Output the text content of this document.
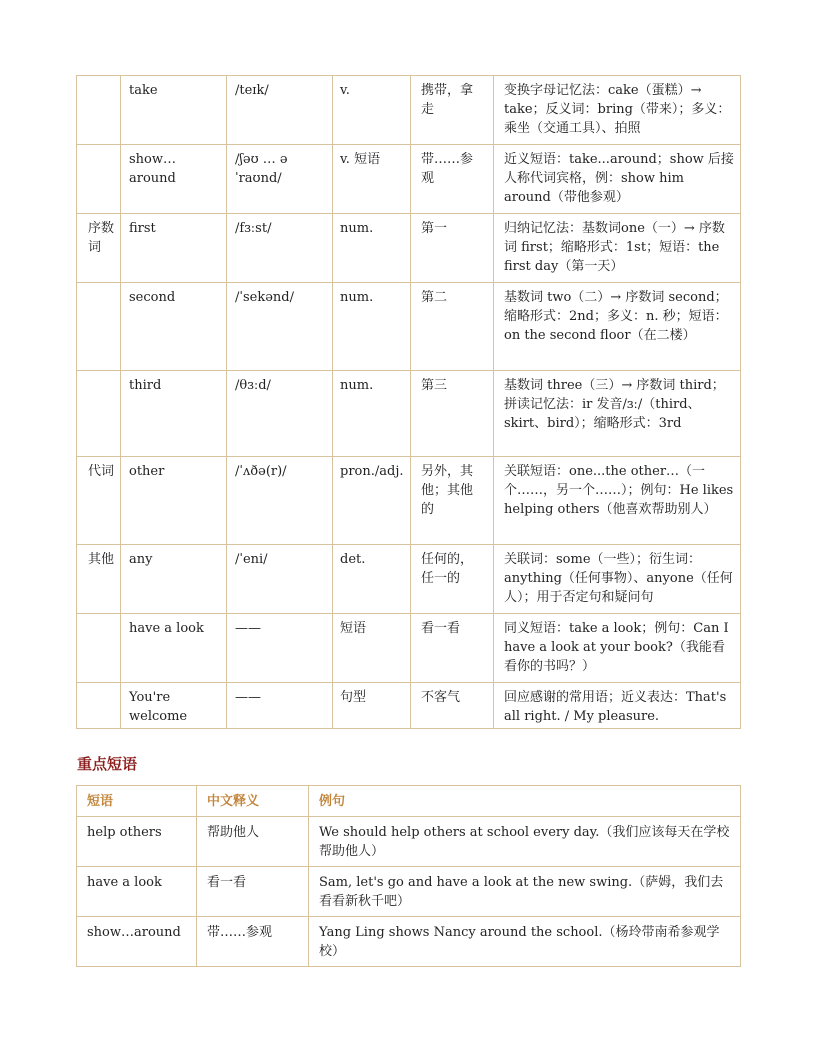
	take	/teɪk/	v.	携带，拿走	变换字母记忆法：cake（蛋糕）→ take；反义词：bring（带来）；多义：乘坐（交通工具）、拍照
	show…around	/ʃəʊ … əˈraʊnd/	v. 短语	带……参观	近义短语：take...around；show 后接人称代词宾格，例：show him around（带他参观）
序数词	first	/fɜːst/	num.	第一	归纳记忆法：基数词one（一）→ 序数词 first；缩略形式：1st；短语：the first day（第一天）
	second	/ˈsekənd/	num.	第二	基数词 two（二）→ 序数词 second；缩略形式：2nd；多义：n. 秒；短语：on the second floor（在二楼）
	third	/θɜːd/	num.	第三	基数词 three（三）→ 序数词 third；拼读记忆法：ir 发音/ɜː/（third、skirt、bird）；缩略形式：3rd
代词	other	/ˈʌðə(r)/	pron./adj.	另外，其他；其他的	关联短语：one...the other…（一个……，另一个……）；例句：He likes helping others（他喜欢帮助别人）
其他	any	/ˈeni/	det.	任何的，任一的	关联词：some（一些）；衍生词：anything（任何事物）、anyone（任何人）；用于否定句和疑问句
	have a look	——	短语	看一看	同义短语：take a look；例句：Can I have a look at your book?（我能看看你的书吗？）
	You're welcome	——	句型	不客气	回应感谢的常用语；近义表达：That's all right. / My pleasure.
重点短语
短语	中文释义	例句
help others	帮助他人	We should help others at school every day.（我们应该每天在学校帮助他人）
have a look	看一看	Sam, let's go and have a look at the new swing.（萨姆，我们去看看新秋千吧）
show…around	带……参观	Yang Ling shows Nancy around the school.（杨玲带南希参观学校）
